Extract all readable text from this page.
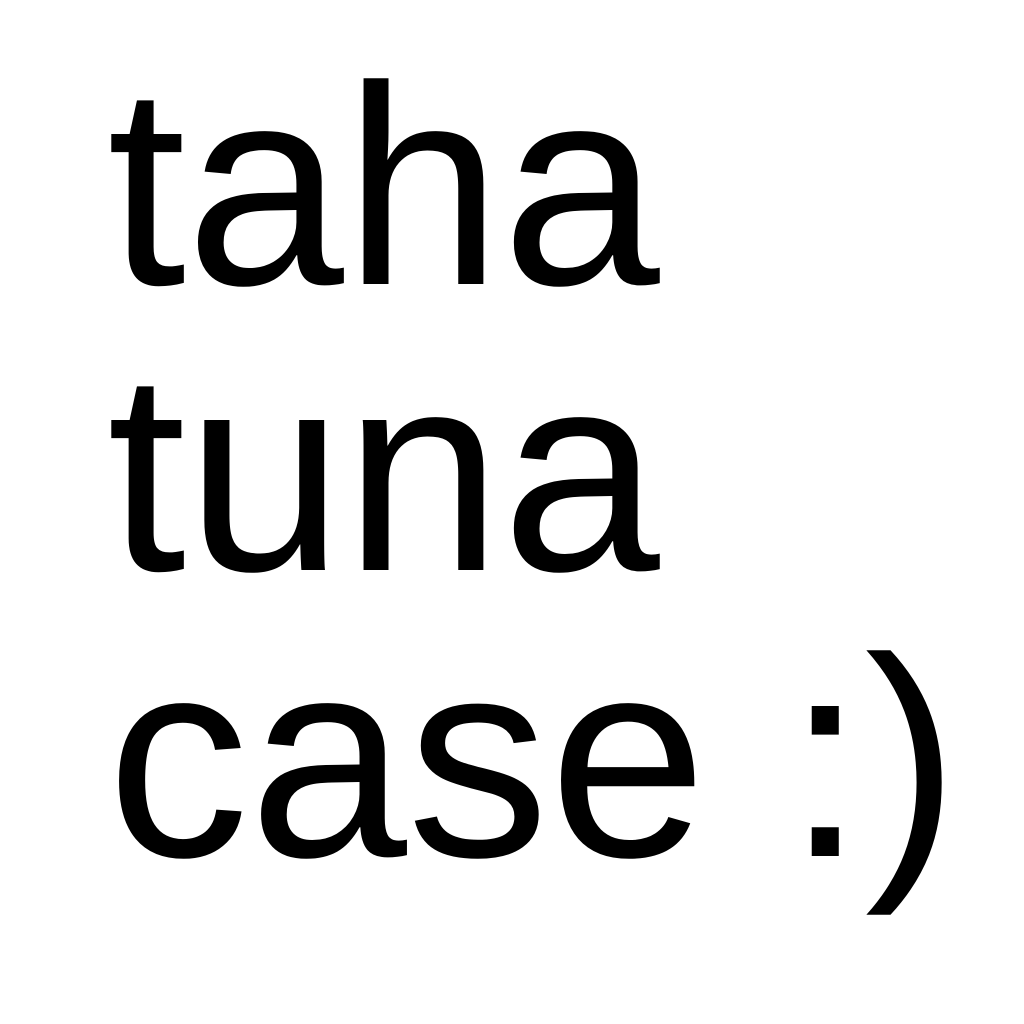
taha
tuna
case :)
